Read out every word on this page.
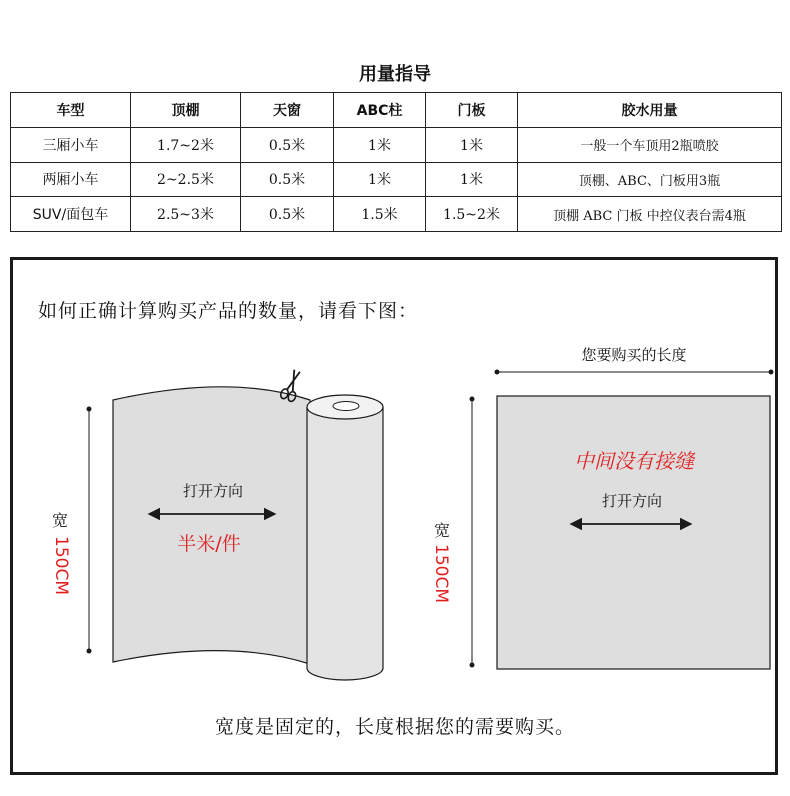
用量指导
车型	顶棚	天窗	ABC柱	门板	胶水用量
三厢小车	1.7~2米	0.5米	1米	1米	一般一个车顶用2瓶喷胶
两厢小车	2~2.5米	0.5米	1米	1米	顶棚、ABC、门板用3瓶
SUV/面包车	2.5~3米	0.5米	1.5米	1.5~2米	顶棚 ABC 门板 中控仪表台需4瓶
如何正确计算购买产品的数量，请看下图：
打开方向
半米/件
宽
150CM
您要购买的长度
中间没有接缝
打开方向
宽
150CM
宽度是固定的，长度根据您的需要购买。
